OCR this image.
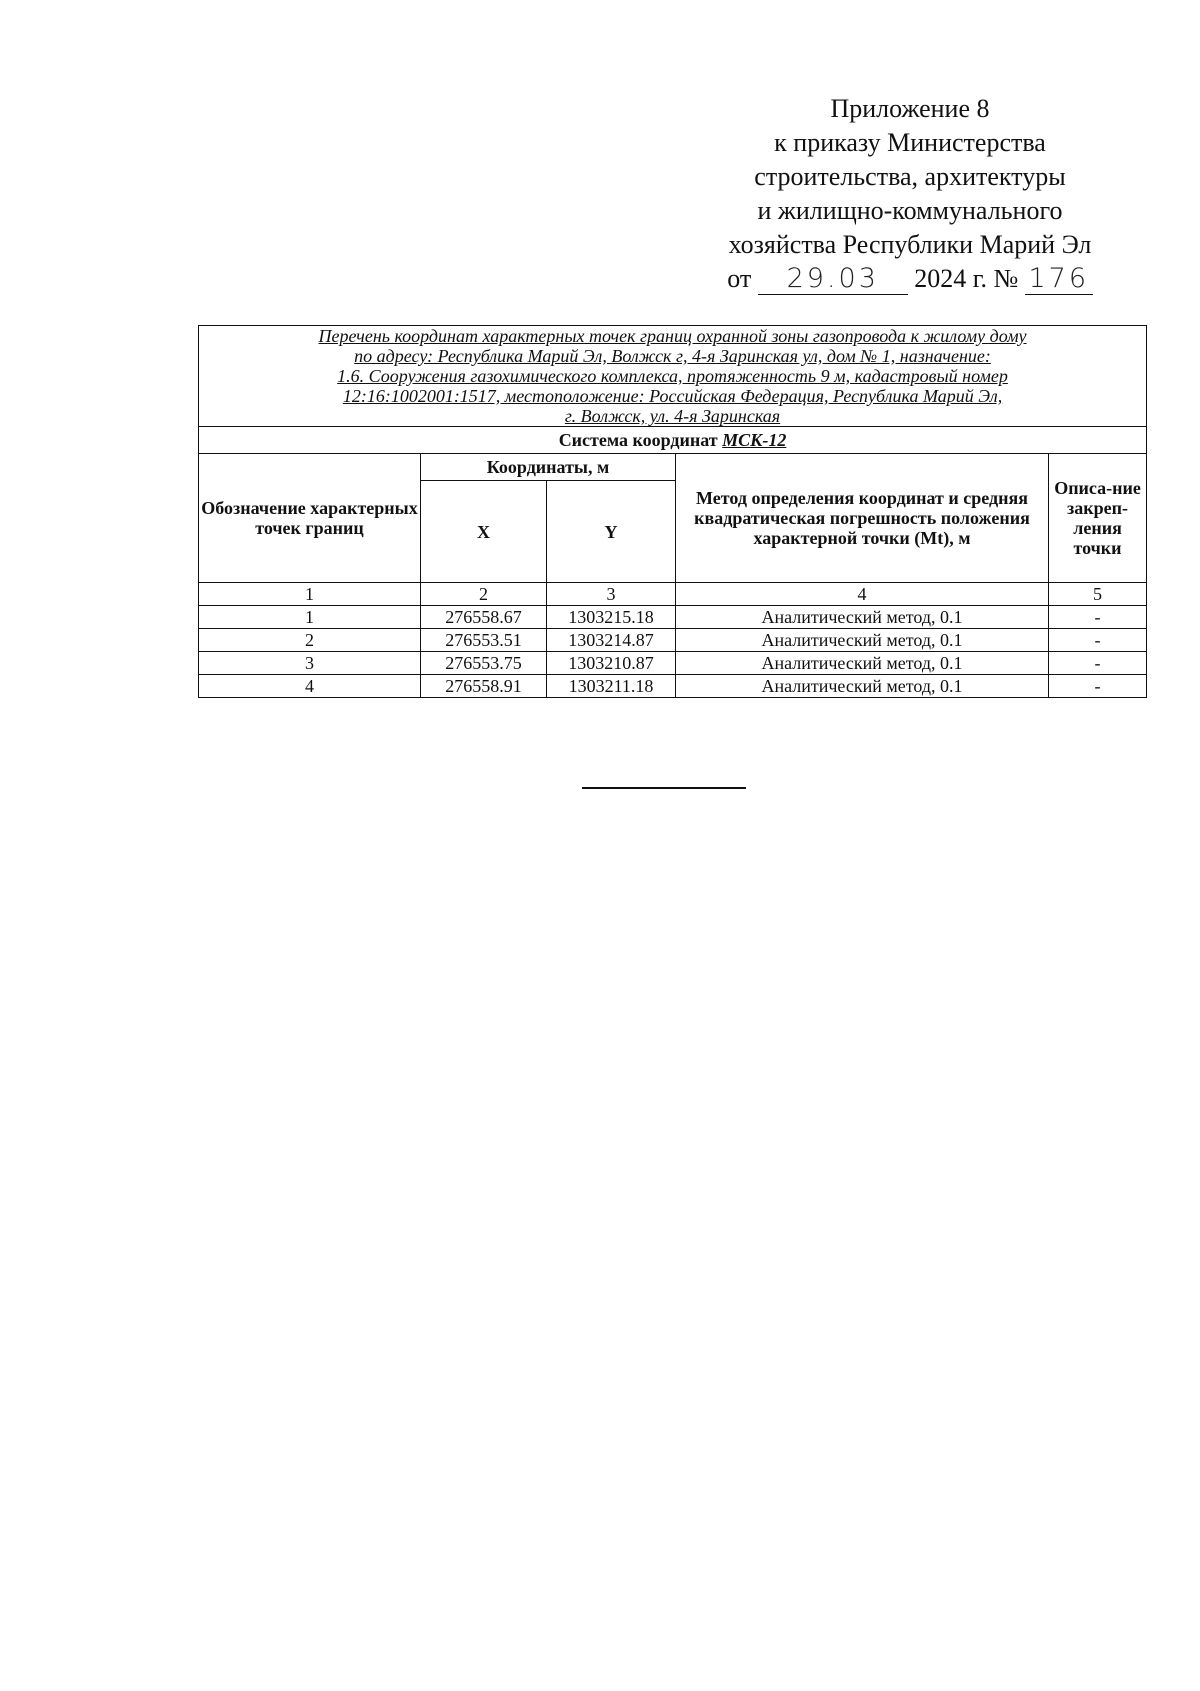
Приложение 8
к приказу Министерства
строительства, архитектуры
и жилищно-коммунального
хозяйства Республики Марий Эл
от 29.03 2024 г. № 176
Перечень координат характерных точек границ охранной зоны газопровода к жилому дому
по адресу: Республика Марий Эл, Волжск г, 4-я Заринская ул, дом № 1, назначение:
1.6. Сооружения газохимического комплекса, протяженность 9 м, кадастровый номер
12:16:1002001:1517, местоположение: Российская Федерация, Республика Марий Эл,
г. Волжск, ул. 4-я Заринская				

Система координат МСК-12				
Обозначение характерных точек границ	Координаты, м		Метод определения координат и средняя квадратическая погрешность положения характерной точки (Mt), м	Описа-ние закреп-ления точки
	X	Y		
1	2	3	4	5
1	276558.67	1303215.18	Аналитический метод, 0.1	-
2	276553.51	1303214.87	Аналитический метод, 0.1	-
3	276553.75	1303210.87	Аналитический метод, 0.1	-
4	276558.91	1303211.18	Аналитический метод, 0.1	-
